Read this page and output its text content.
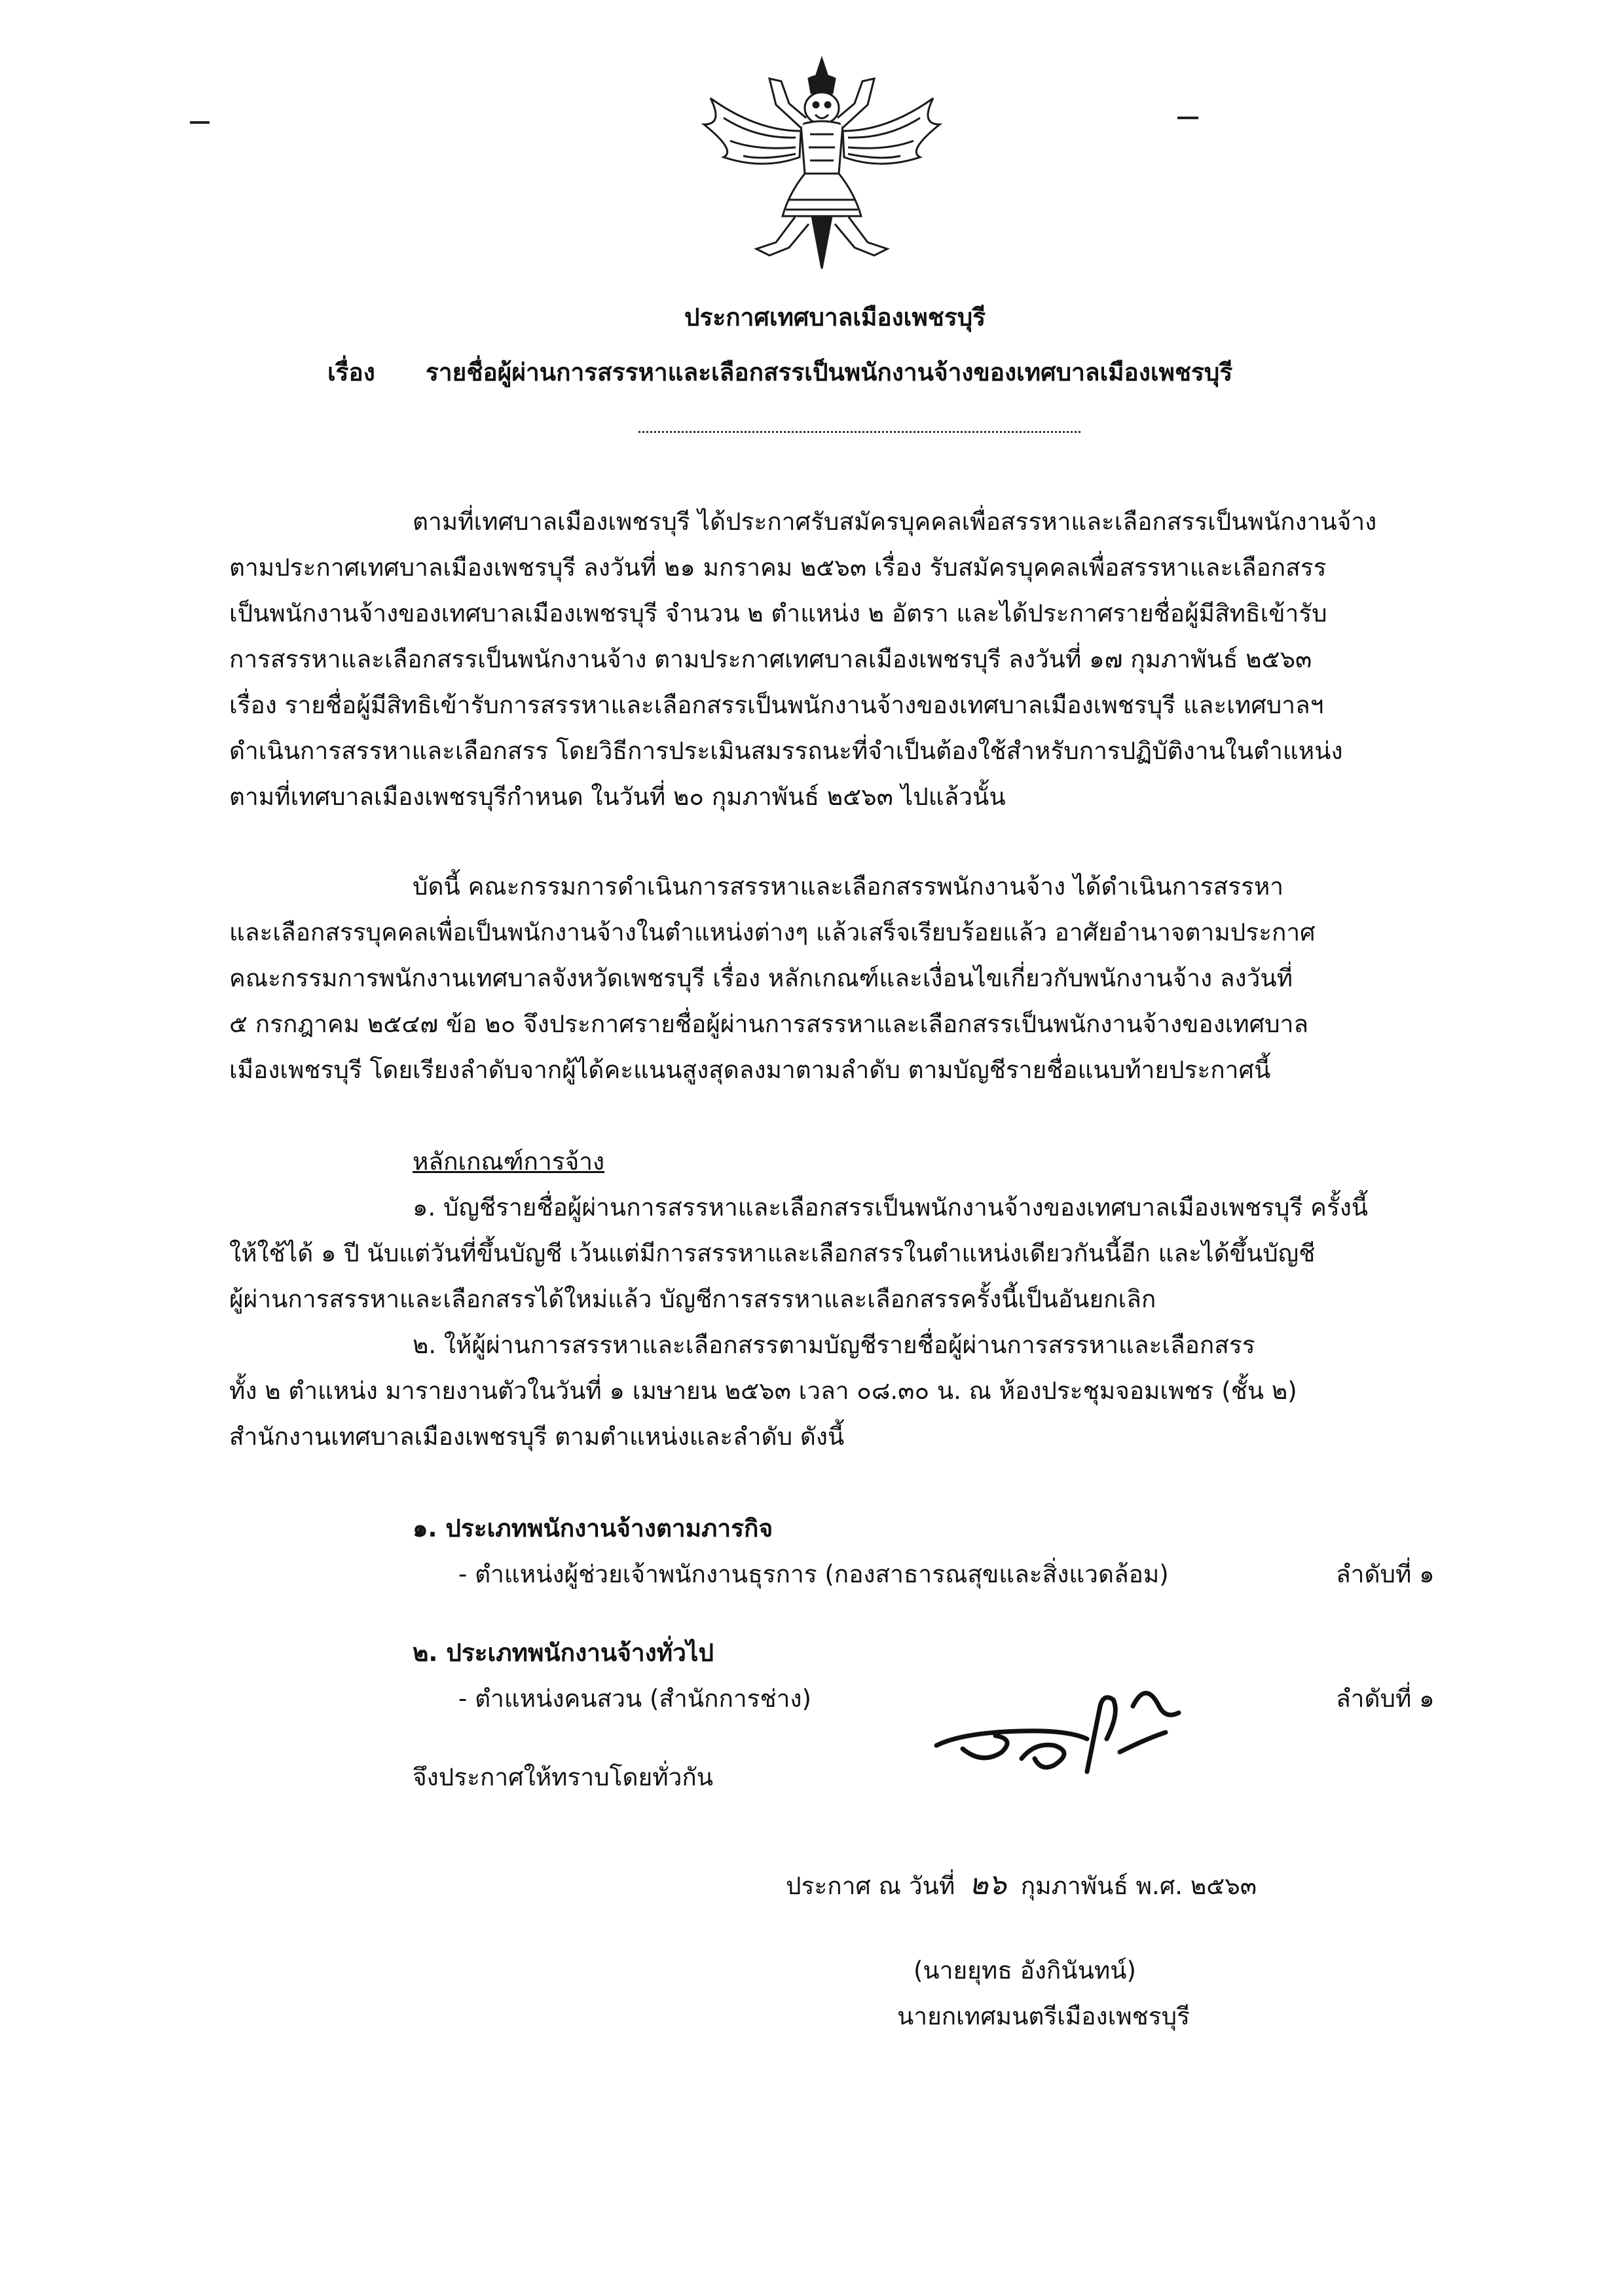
ประกาศเทศบาลเมืองเพชรบุรี
เรื่อง รายชื่อผู้ผ่านการสรรหาและเลือกสรรเป็นพนักงานจ้างของเทศบาลเมืองเพชรบุรี
ตามที่เทศบาลเมืองเพชรบุรี ได้ประกาศรับสมัครบุคคลเพื่อสรรหาและเลือกสรรเป็นพนักงานจ้าง
ตามประกาศเทศบาลเมืองเพชรบุรี ลงวันที่ ๒๑ มกราคม ๒๕๖๓ เรื่อง รับสมัครบุคคลเพื่อสรรหาและเลือกสรร
เป็นพนักงานจ้างของเทศบาลเมืองเพชรบุรี จำนวน ๒ ตำแหน่ง ๒ อัตรา และได้ประกาศรายชื่อผู้มีสิทธิเข้ารับ
การสรรหาและเลือกสรรเป็นพนักงานจ้าง ตามประกาศเทศบาลเมืองเพชรบุรี ลงวันที่ ๑๗ กุมภาพันธ์ ๒๕๖๓
เรื่อง รายชื่อผู้มีสิทธิเข้ารับการสรรหาและเลือกสรรเป็นพนักงานจ้างของเทศบาลเมืองเพชรบุรี และเทศบาลฯ
ดำเนินการสรรหาและเลือกสรร โดยวิธีการประเมินสมรรถนะที่จำเป็นต้องใช้สำหรับการปฏิบัติงานในตำแหน่ง
ตามที่เทศบาลเมืองเพชรบุรีกำหนด ในวันที่ ๒๐ กุมภาพันธ์ ๒๕๖๓ ไปแล้วนั้น
บัดนี้ คณะกรรมการดำเนินการสรรหาและเลือกสรรพนักงานจ้าง ได้ดำเนินการสรรหา
และเลือกสรรบุคคลเพื่อเป็นพนักงานจ้างในตำแหน่งต่างๆ แล้วเสร็จเรียบร้อยแล้ว อาศัยอำนาจตามประกาศ
คณะกรรมการพนักงานเทศบาลจังหวัดเพชรบุรี เรื่อง หลักเกณฑ์และเงื่อนไขเกี่ยวกับพนักงานจ้าง ลงวันที่
๕ กรกฎาคม ๒๕๔๗ ข้อ ๒๐ จึงประกาศรายชื่อผู้ผ่านการสรรหาและเลือกสรรเป็นพนักงานจ้างของเทศบาล
เมืองเพชรบุรี โดยเรียงลำดับจากผู้ได้คะแนนสูงสุดลงมาตามลำดับ ตามบัญชีรายชื่อแนบท้ายประกาศนี้
หลักเกณฑ์การจ้าง
๑. บัญชีรายชื่อผู้ผ่านการสรรหาและเลือกสรรเป็นพนักงานจ้างของเทศบาลเมืองเพชรบุรี ครั้งนี้
ให้ใช้ได้ ๑ ปี นับแต่วันที่ขึ้นบัญชี เว้นแต่มีการสรรหาและเลือกสรรในตำแหน่งเดียวกันนี้อีก และได้ขึ้นบัญชี
ผู้ผ่านการสรรหาและเลือกสรรได้ใหม่แล้ว บัญชีการสรรหาและเลือกสรรครั้งนี้เป็นอันยกเลิก
๒. ให้ผู้ผ่านการสรรหาและเลือกสรรตามบัญชีรายชื่อผู้ผ่านการสรรหาและเลือกสรร
ทั้ง ๒ ตำแหน่ง มารายงานตัวในวันที่ ๑ เมษายน ๒๕๖๓ เวลา ๐๘.๓๐ น. ณ ห้องประชุมจอมเพชร (ชั้น ๒)
สำนักงานเทศบาลเมืองเพชรบุรี ตามตำแหน่งและลำดับ ดังนี้
๑. ประเภทพนักงานจ้างตามภารกิจ
- ตำแหน่งผู้ช่วยเจ้าพนักงานธุรการ (กองสาธารณสุขและสิ่งแวดล้อม)	ลำดับที่ ๑
๒. ประเภทพนักงานจ้างทั่วไป
- ตำแหน่งคนสวน (สำนักการช่าง)	ลำดับที่ ๑
จึงประกาศให้ทราบโดยทั่วกัน
ประกาศ ณ วันที่ ๒๖ กุมภาพันธ์ พ.ศ. ๒๕๖๓
(นายยุทธ อังกินันทน์)
นายกเทศมนตรีเมืองเพชรบุรี
